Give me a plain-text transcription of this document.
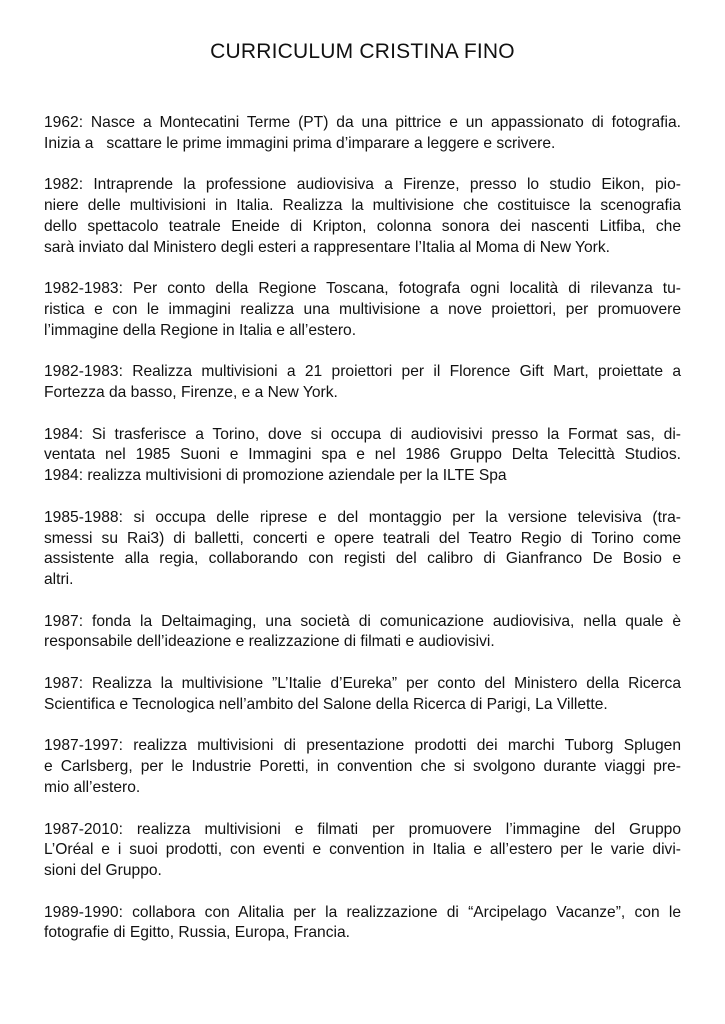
CURRICULUM CRISTINA FINO
1962: Nasce a Montecatini Terme (PT) da una pittrice e un appassionato di fotografia.
Inizia a   scattare le prime immagini prima d’imparare a leggere e scrivere.
1982: Intraprende la professione audiovisiva a Firenze, presso lo studio Eikon, pio-
niere delle multivisioni in Italia. Realizza la multivisione che costituisce la scenografia
dello spettacolo teatrale Eneide di Kripton, colonna sonora dei nascenti Litfiba, che
sarà inviato dal Ministero degli esteri a rappresentare l’Italia al Moma di New York.
1982-1983: Per conto della Regione Toscana, fotografa ogni località di rilevanza tu-
ristica e con le immagini realizza una multivisione a nove proiettori, per promuovere
l’immagine della Regione in Italia e all’estero.
1982-1983: Realizza multivisioni a 21 proiettori per il Florence Gift Mart, proiettate a
Fortezza da basso, Firenze, e a New York.
1984: Si trasferisce a Torino, dove si occupa di audiovisivi presso la Format sas, di-
ventata nel 1985 Suoni e Immagini spa e nel 1986 Gruppo Delta Telecittà Studios.
1984: realizza multivisioni di promozione aziendale per la ILTE Spa
1985-1988: si occupa delle riprese e del montaggio per la versione televisiva (tra-
smessi su Rai3) di balletti, concerti e opere teatrali del Teatro Regio di Torino come
assistente alla regia, collaborando con registi del calibro di Gianfranco De Bosio e
altri.
1987: fonda la Deltaimaging, una società di comunicazione audiovisiva, nella quale è
responsabile dell’ideazione e realizzazione di filmati e audiovisivi.
1987: Realizza la multivisione ”L’Italie d’Eureka” per conto del Ministero della Ricerca
Scientifica e Tecnologica nell’ambito del Salone della Ricerca di Parigi, La Villette.
1987-1997: realizza multivisioni di presentazione prodotti dei marchi Tuborg Splugen
e Carlsberg, per le Industrie Poretti, in convention che si svolgono durante viaggi pre-
mio all’estero.
1987-2010: realizza multivisioni e filmati per promuovere l’immagine del Gruppo
L’Oréal e i suoi prodotti, con eventi e convention in Italia e all’estero per le varie divi-
sioni del Gruppo.
1989-1990: collabora con Alitalia per la realizzazione di “Arcipelago Vacanze”, con le
fotografie di Egitto, Russia, Europa, Francia.
